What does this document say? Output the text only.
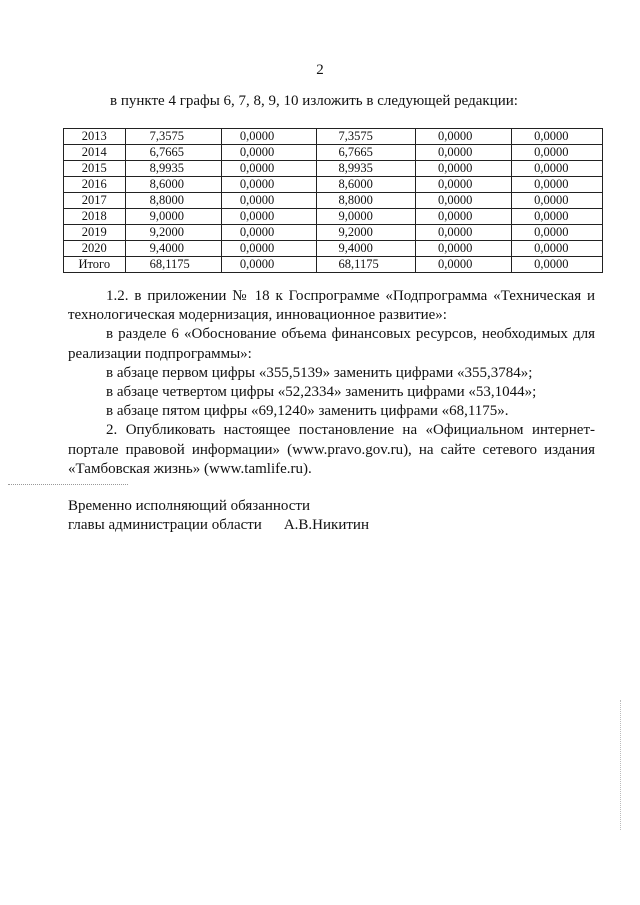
2
в пункте 4 графы 6, 7, 8, 9, 10 изложить в следующей редакции:
2013	7,3575	0,0000	7,3575	0,0000	0,0000
2014	6,7665	0,0000	6,7665	0,0000	0,0000
2015	8,9935	0,0000	8,9935	0,0000	0,0000
2016	8,6000	0,0000	8,6000	0,0000	0,0000
2017	8,8000	0,0000	8,8000	0,0000	0,0000
2018	9,0000	0,0000	9,0000	0,0000	0,0000
2019	9,2000	0,0000	9,2000	0,0000	0,0000
2020	9,4000	0,0000	9,4000	0,0000	0,0000
Итого	68,1175	0,0000	68,1175	0,0000	0,0000

1.2. в приложении № 18 к Госпрограмме «Подпрограмма «Техническая и технологическая модернизация, инновационное развитие»:

в разделе 6 «Обоснование объема финансовых ресурсов, необходимых для реализации подпрограммы»:

в абзаце первом цифры «355,5139» заменить цифрами «355,3784»;

в абзаце четвертом цифры «52,2334» заменить цифрами «53,1044»;

в абзаце пятом цифры «69,1240» заменить цифрами «68,1175».

2. Опубликовать настоящее постановление на «Официальном интернет-портале правовой информации» (www.pravo.gov.ru), на сайте сетевого издания «Тамбовская жизнь» (www.tamlife.ru).

Временно исполняющий обязанности
главы администрации области А.В.Никитин
